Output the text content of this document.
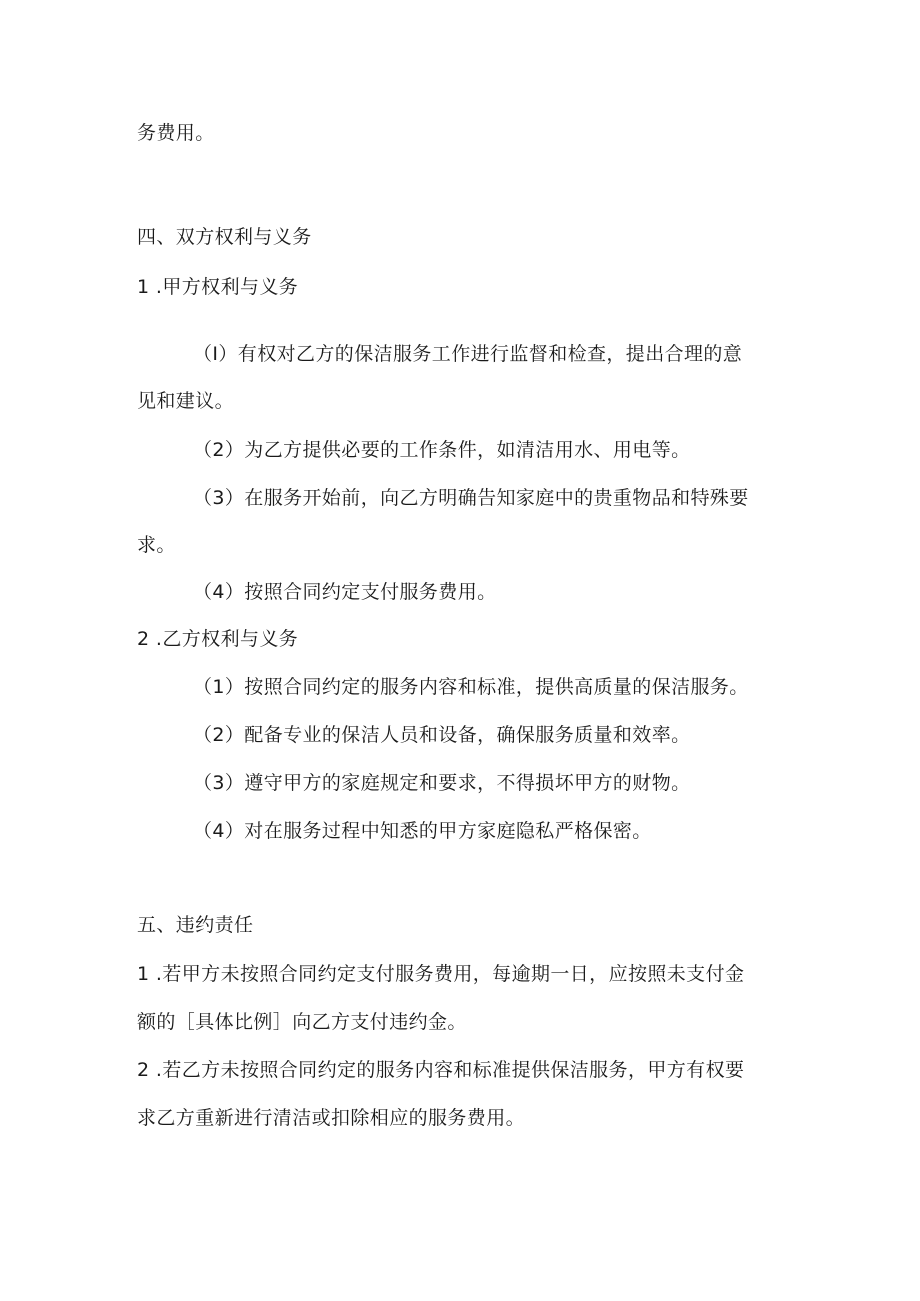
务费用。
四、双方权利与义务
1 .甲方权利与义务
（I）有权对乙方的保洁服务工作进行监督和检查，提出合理的意
见和建议。
（2）为乙方提供必要的工作条件，如清洁用水、用电等。
（3）在服务开始前，向乙方明确告知家庭中的贵重物品和特殊要
求。
（4）按照合同约定支付服务费用。
2 .乙方权利与义务
（1）按照合同约定的服务内容和标准，提供高质量的保洁服务。
（2）配备专业的保洁人员和设备，确保服务质量和效率。
（3）遵守甲方的家庭规定和要求，不得损坏甲方的财物。
（4）对在服务过程中知悉的甲方家庭隐私严格保密。
五、违约责任
1 .若甲方未按照合同约定支付服务费用，每逾期一日，应按照未支付金
额的［具体比例］向乙方支付违约金。
2 .若乙方未按照合同约定的服务内容和标准提供保洁服务，甲方有权要
求乙方重新进行清洁或扣除相应的服务费用。
